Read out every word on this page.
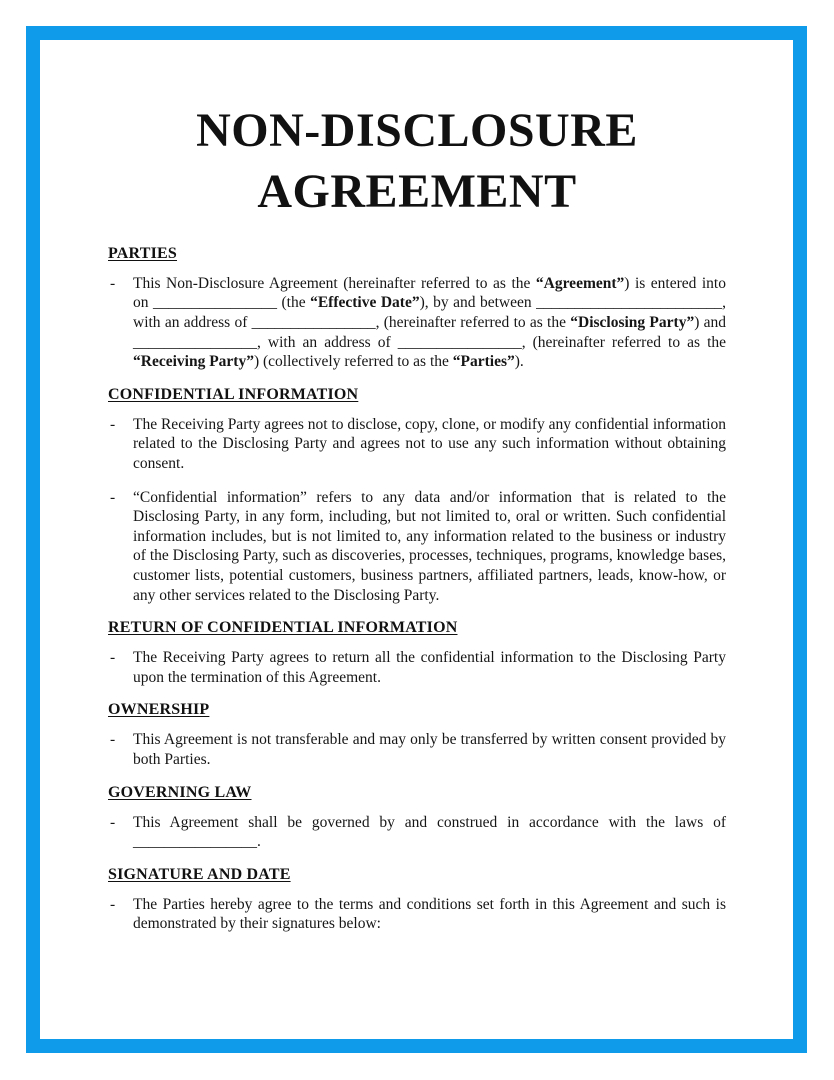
NON-DISCLOSURE
AGREEMENT
PARTIES
- This Non-Disclosure Agreement (hereinafter referred to as the “Agreement”) is entered into on ________________ (the “Effective Date”), by and between ________________________, with an address of ________________, (hereinafter referred to as the “Disclosing Party”) and ________________, with an address of ________________, (hereinafter referred to as the “Receiving Party”) (collectively referred to as the “Parties”).

CONFIDENTIAL INFORMATION
- The Receiving Party agrees not to disclose, copy, clone, or modify any confidential information related to the Disclosing Party and agrees not to use any such information without obtaining consent.

- “Confidential information” refers to any data and/or information that is related to the Disclosing Party, in any form, including, but not limited to, oral or written. Such confidential information includes, but is not limited to, any information related to the business or industry of the Disclosing Party, such as discoveries, processes, techniques, programs, knowledge bases, customer lists, potential customers, business partners, affiliated partners, leads, know-how, or any other services related to the Disclosing Party.

RETURN OF CONFIDENTIAL INFORMATION
- The Receiving Party agrees to return all the confidential information to the Disclosing Party upon the termination of this Agreement.

OWNERSHIP
- This Agreement is not transferable and may only be transferred by written consent provided by both Parties.

GOVERNING LAW
- This Agreement shall be governed by and construed in accordance with the laws of ________________.

SIGNATURE AND DATE
- The Parties hereby agree to the terms and conditions set forth in this Agreement and such is demonstrated by their signatures below:
